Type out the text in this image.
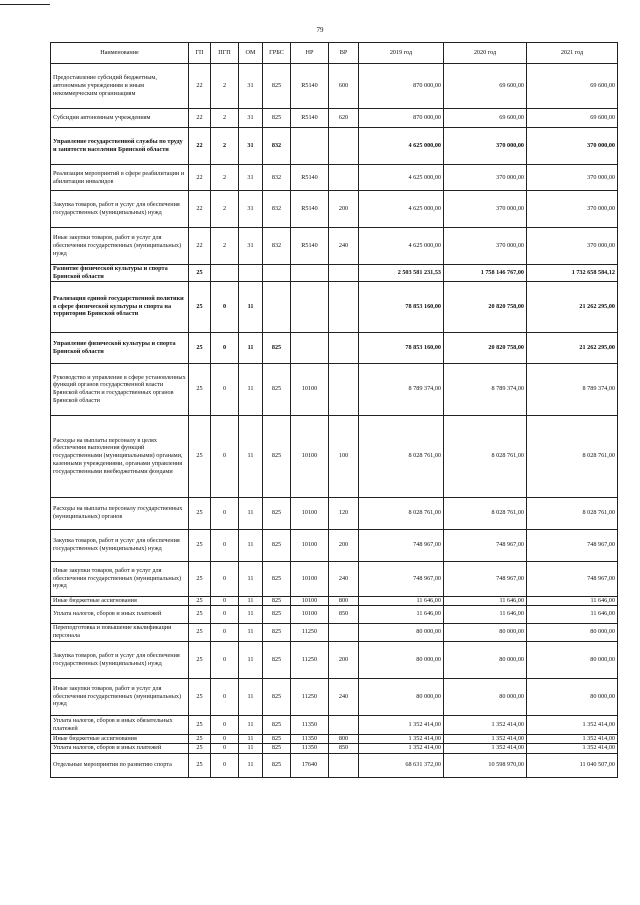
79
Наименование	ГП	ПГП	ОМ	ГРБС	НР	ВР	2019 год	2020 год	2021 год
Предоставление субсидий бюджетным, автономным учреждениям и иным некоммерческим организациям	22	2	31	825	R5140	600	870 000,00	69 600,00	69 600,00
Субсидии автономным учреждениям	22	2	31	825	R5140	620	870 000,00	69 600,00	69 600,00
Управление государственной службы по труду и занятости населения Брянской области	22	2	31	832			4 625 000,00	370 000,00	370 000,00
Реализация мероприятий в сфере реабилитации и абилитации инвалидов	22	2	31	832	R5140		4 625 000,00	370 000,00	370 000,00
Закупка товаров, работ и услуг для обеспечения государственных (муниципальных) нужд	22	2	31	832	R5140	200	4 625 000,00	370 000,00	370 000,00
Иные закупки товаров, работ и услуг для обеспечения государственных (муниципальных) нужд	22	2	31	832	R5140	240	4 625 000,00	370 000,00	370 000,00
Развитие физической культуры и спорта Брянской области	25						2 503 581 231,53	1 758 146 767,00	1 732 658 584,12
Реализация единой государственной политики в сфере физической культуры и спорта на территории Брянской области	25	0	11				78 853 160,00	20 820 758,00	21 262 295,00
Управление физической культуры и спорта Брянской области	25	0	11	825			78 853 160,00	20 820 758,00	21 262 295,00
Руководство и управление в сфере установленных функций органов государственной власти Брянской области и государственных органов Брянской области	25	0	11	825	10100		8 789 374,00	8 789 374,00	8 789 374,00
Расходы на выплаты персоналу в целях обеспечения выполнения функций государственными (муниципальными) органами, казенными учреждениями, органами управления государственными внебюджетными фондами	25	0	11	825	10100	100	8 028 761,00	8 028 761,00	8 028 761,00
Расходы на выплаты персоналу государственных (муниципальных) органов	25	0	11	825	10100	120	8 028 761,00	8 028 761,00	8 028 761,00
Закупка товаров, работ и услуг для обеспечения государственных (муниципальных) нужд	25	0	11	825	10100	200	748 967,00	748 967,00	748 967,00
Иные закупки товаров, работ и услуг для обеспечения государственных (муниципальных) нужд	25	0	11	825	10100	240	748 967,00	748 967,00	748 967,00
Иные бюджетные ассигнования	25	0	11	825	10100	800	11 646,00	11 646,00	11 646,00
Уплата налогов, сборов и иных платежей	25	0	11	825	10100	850	11 646,00	11 646,00	11 646,00
Переподготовка и повышение квалификации персонала	25	0	11	825	11250		80 000,00	80 000,00	80 000,00
Закупка товаров, работ и услуг для обеспечения государственных (муниципальных) нужд	25	0	11	825	11250	200	80 000,00	80 000,00	80 000,00
Иные закупки товаров, работ и услуг для обеспечения государственных (муниципальных) нужд	25	0	11	825	11250	240	80 000,00	80 000,00	80 000,00
Уплата налогов, сборов и иных обязательных платежей	25	0	11	825	11350		1 352 414,00	1 352 414,00	1 352 414,00
Иные бюджетные ассигнования	25	0	11	825	11350	800	1 352 414,00	1 352 414,00	1 352 414,00
Уплата налогов, сборов и иных платежей	25	0	11	825	11350	850	1 352 414,00	1 352 414,00	1 352 414,00
Отдельные мероприятия по развитию спорта	25	0	11	825	17640		68 631 372,00	10 598 970,00	11 040 507,00
